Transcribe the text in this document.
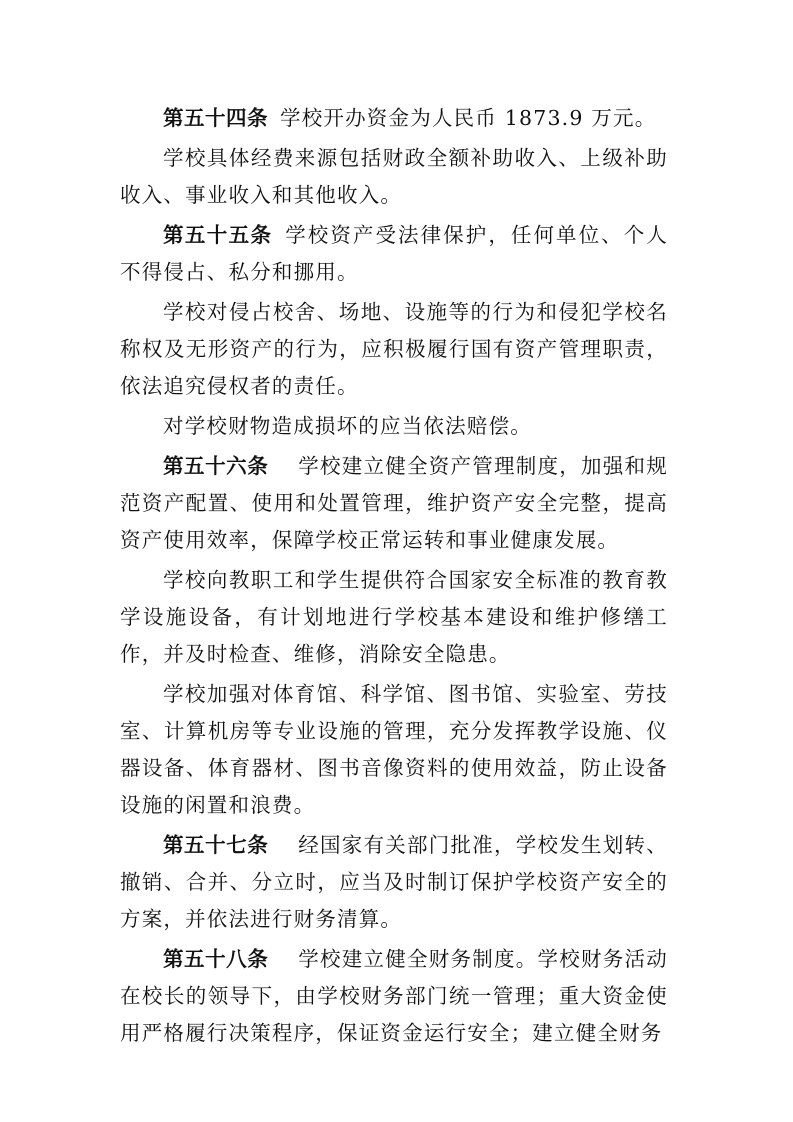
第五十四条 学校开办资金为人民币 1873.9 万元。

学校具体经费来源包括财政全额补助收入、上级补助收入、事业收入和其他收入。

第五十五条 学校资产受法律保护，任何单位、个人不得侵占、私分和挪用。

学校对侵占校舍、场地、设施等的行为和侵犯学校名称权及无形资产的行为，应积极履行国有资产管理职责，依法追究侵权者的责任。

对学校财物造成损坏的应当依法赔偿。

第五十六条 学校建立健全资产管理制度，加强和规范资产配置、使用和处置管理，维护资产安全完整，提高资产使用效率，保障学校正常运转和事业健康发展。

学校向教职工和学生提供符合国家安全标准的教育教学设施设备，有计划地进行学校基本建设和维护修缮工作，并及时检查、维修，消除安全隐患。

学校加强对体育馆、科学馆、图书馆、实验室、劳技室、计算机房等专业设施的管理，充分发挥教学设施、仪器设备、体育器材、图书音像资料的使用效益，防止设备设施的闲置和浪费。

第五十七条 经国家有关部门批准，学校发生划转、撤销、合并、分立时，应当及时制订保护学校资产安全的方案，并依法进行财务清算。

第五十八条 学校建立健全财务制度。学校财务活动在校长的领导下，由学校财务部门统一管理；重大资金使用严格履行决策程序，保证资金运行安全；建立健全财务
